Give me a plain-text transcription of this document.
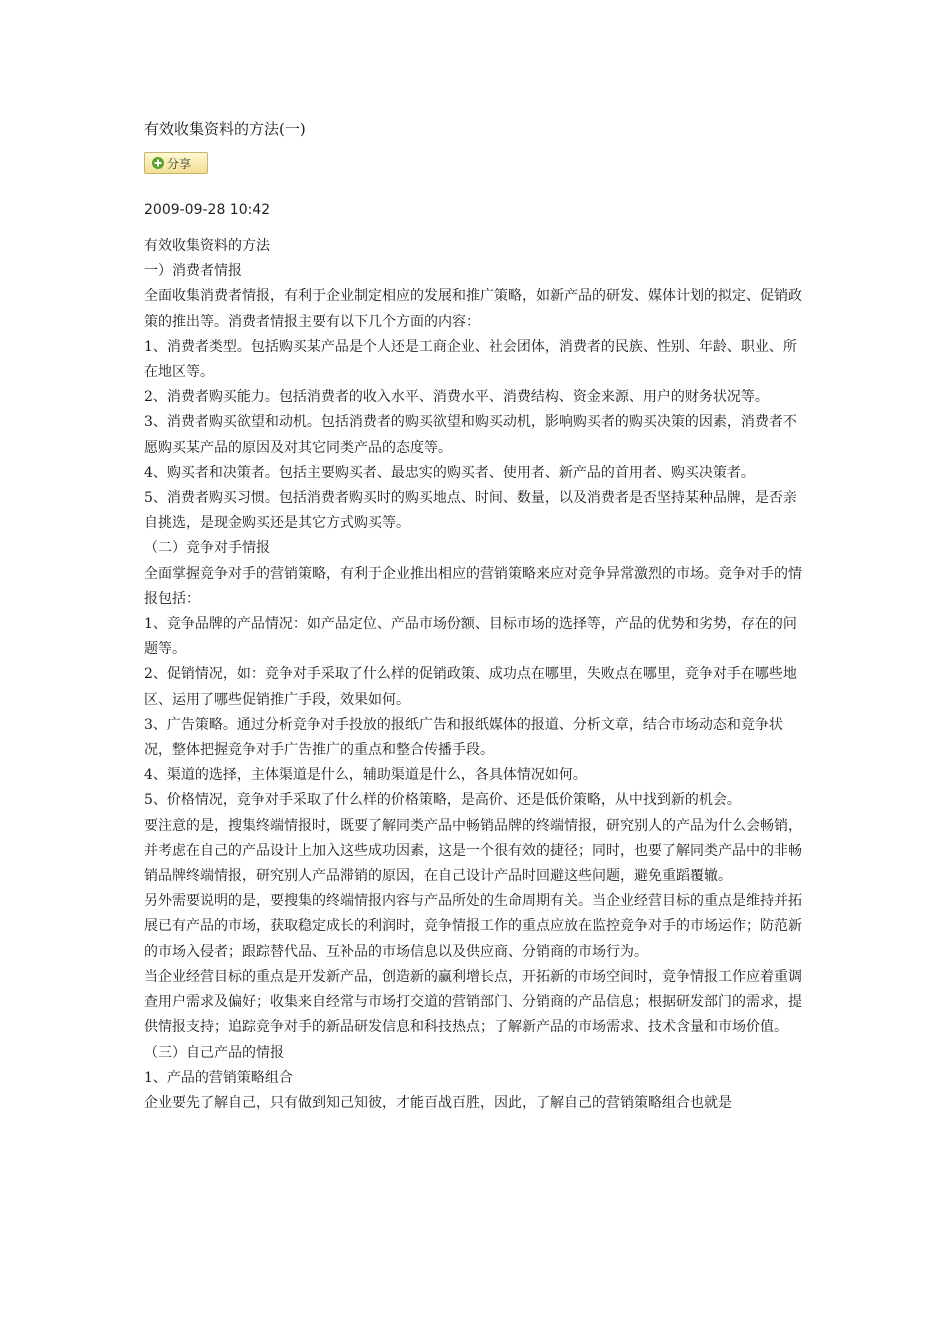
有效收集资料的方法(一)
分享
2009-09-28 10:42

有效收集资料的方法

一）消费者情报

全面收集消费者情报，有利于企业制定相应的发展和推广策略，如新产品的研发、媒体计划的拟定、促销政策的推出等。消费者情报主要有以下几个方面的内容：

1、消费者类型。包括购买某产品是个人还是工商企业、社会团体，消费者的民族、性别、年龄、职业、所在地区等。

2、消费者购买能力。包括消费者的收入水平、消费水平、消费结构、资金来源、用户的财务状况等。

3、消费者购买欲望和动机。包括消费者的购买欲望和购买动机，影响购买者的购买决策的因素，消费者不愿购买某产品的原因及对其它同类产品的态度等。

4、购买者和决策者。包括主要购买者、最忠实的购买者、使用者、新产品的首用者、购买决策者。

5、消费者购买习惯。包括消费者购买时的购买地点、时间、数量，以及消费者是否坚持某种品牌，是否亲自挑选，是现金购买还是其它方式购买等。

（二）竞争对手情报

全面掌握竞争对手的营销策略，有利于企业推出相应的营销策略来应对竞争异常激烈的市场。竞争对手的情报包括：

1、竞争品牌的产品情况：如产品定位、产品市场份额、目标市场的选择等，产品的优势和劣势，存在的问题等。

2、促销情况，如：竞争对手采取了什么样的促销政策、成功点在哪里，失败点在哪里，竞争对手在哪些地区、运用了哪些促销推广手段，效果如何。

3、广告策略。通过分析竞争对手投放的报纸广告和报纸媒体的报道、分析文章，结合市场动态和竞争状况，整体把握竞争对手广告推广的重点和整合传播手段。

4、渠道的选择，主体渠道是什么，辅助渠道是什么，各具体情况如何。

5、价格情况，竞争对手采取了什么样的价格策略，是高价、还是低价策略，从中找到新的机会。

要注意的是，搜集终端情报时，既要了解同类产品中畅销品牌的终端情报，研究别人的产品为什么会畅销，并考虑在自己的产品设计上加入这些成功因素，这是一个很有效的捷径；同时，也要了解同类产品中的非畅销品牌终端情报，研究别人产品滞销的原因，在自己设计产品时回避这些问题，避免重蹈覆辙。

另外需要说明的是，要搜集的终端情报内容与产品所处的生命周期有关。当企业经营目标的重点是维持并拓展已有产品的市场，获取稳定成长的利润时，竞争情报工作的重点应放在监控竞争对手的市场运作；防范新的市场入侵者；跟踪替代品、互补品的市场信息以及供应商、分销商的市场行为。

当企业经营目标的重点是开发新产品，创造新的赢利增长点，开拓新的市场空间时，竞争情报工作应着重调查用户需求及偏好；收集来自经常与市场打交道的营销部门、分销商的产品信息；根据研发部门的需求，提供情报支持；追踪竞争对手的新品研发信息和科技热点；了解新产品的市场需求、技术含量和市场价值。

（三）自己产品的情报

1、产品的营销策略组合

企业要先了解自己，只有做到知己知彼，才能百战百胜，因此，了解自己的营销策略组合也就是
